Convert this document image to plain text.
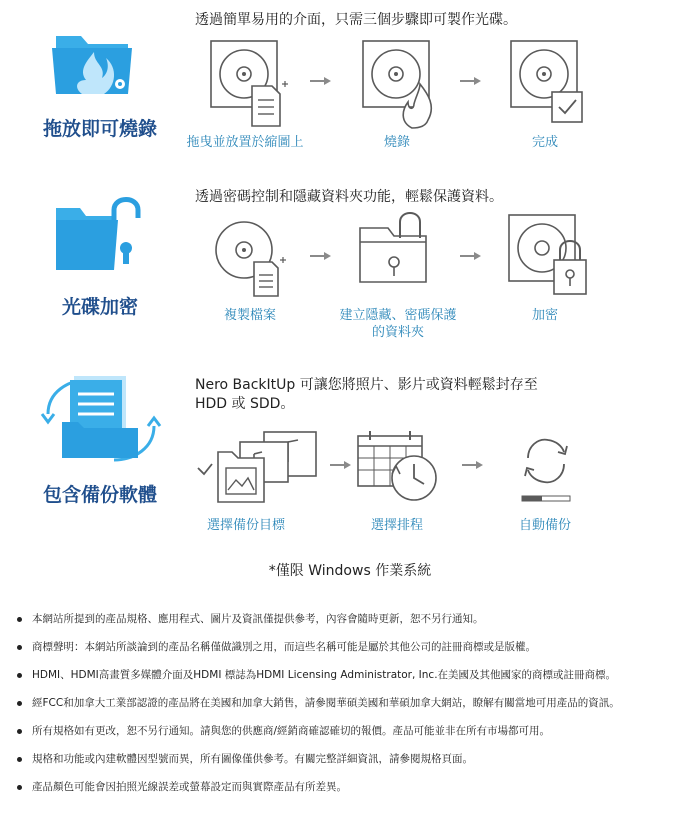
拖放即可燒錄
透過簡單易用的介面，只需三個步驟即可製作光碟。
拖曳並放置於縮圖上	燒錄	完成
光碟加密
透過密碼控制和隱藏資料夾功能，輕鬆保護資料。
複製檔案	建立隱藏、密碼保護
的資料夾
加密
包含備份軟體
Nero BackItUp 可讓您將照片、影片或資料輕鬆封存至
HDD 或 SDD。
選擇備份目標	選擇排程	自動備份
*僅限 Windows 作業系統
本網站所提到的產品規格、應用程式、圖片及資訊僅提供參考，內容會隨時更新，恕不另行通知。
商標聲明：本網站所談論到的產品名稱僅做識別之用，而這些名稱可能是屬於其他公司的註冊商標或是版權。
HDMI、HDMI高畫質多媒體介面及HDMI 標誌為HDMI Licensing Administrator, Inc.在美國及其他國家的商標或註冊商標。
經FCC和加拿大工業部認證的產品將在美國和加拿大銷售，請參閱華碩美國和華碩加拿大網站，瞭解有關當地可用產品的資訊。
所有規格如有更改，恕不另行通知。請與您的供應商/經銷商確認確切的報價。產品可能並非在所有市場都可用。
規格和功能或內建軟體因型號而異，所有圖像僅供參考。有關完整詳細資訊，請參閱規格頁面。
產品顏色可能會因拍照光線誤差或螢幕設定而與實際產品有所差異。
